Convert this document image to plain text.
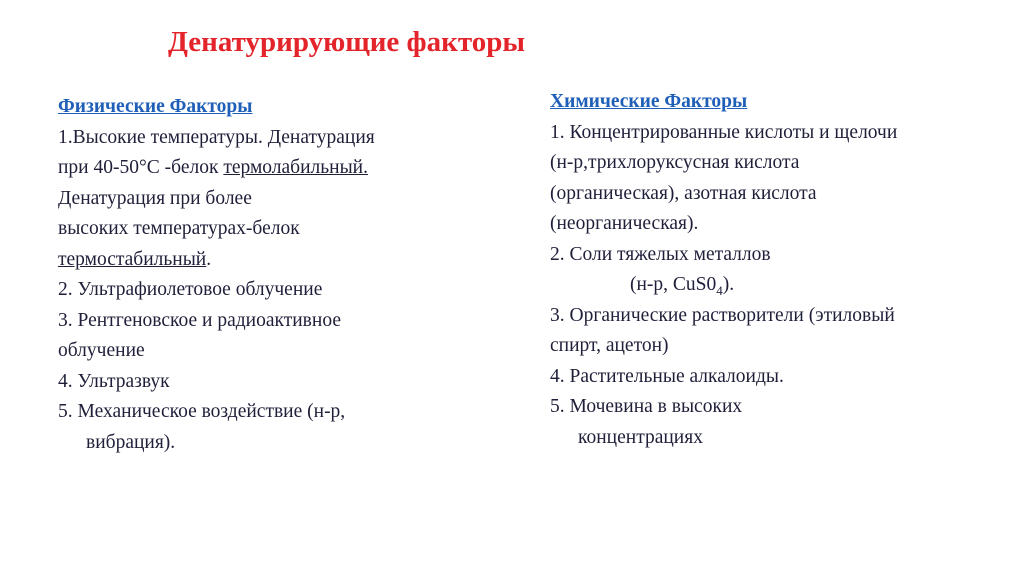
Денатурирующие факторы
Физические Факторы
1.Высокие температуры. Денатурация
при 40-50°С -белок термолабильный.
Денатурация при более
высоких температурах-белок
термостабильный.
2. Ультрафиолетовое облучение
3. Рентгеновское и радиоактивное
облучение
4. Ультразвук
5. Механическое воздействие (н-р,
вибрация).
Химические Факторы
1. Концентрированные кислоты и щелочи
(н-р,трихлоруксусная кислота
(органическая), азотная кислота
(неорганическая).
2. Соли тяжелых металлов
(н-р, $CuS0_4$).
3. Органические растворители (этиловый
спирт, ацетон)
4. Растительные алкалоиды.
5. Мочевина в высоких
концентрациях
